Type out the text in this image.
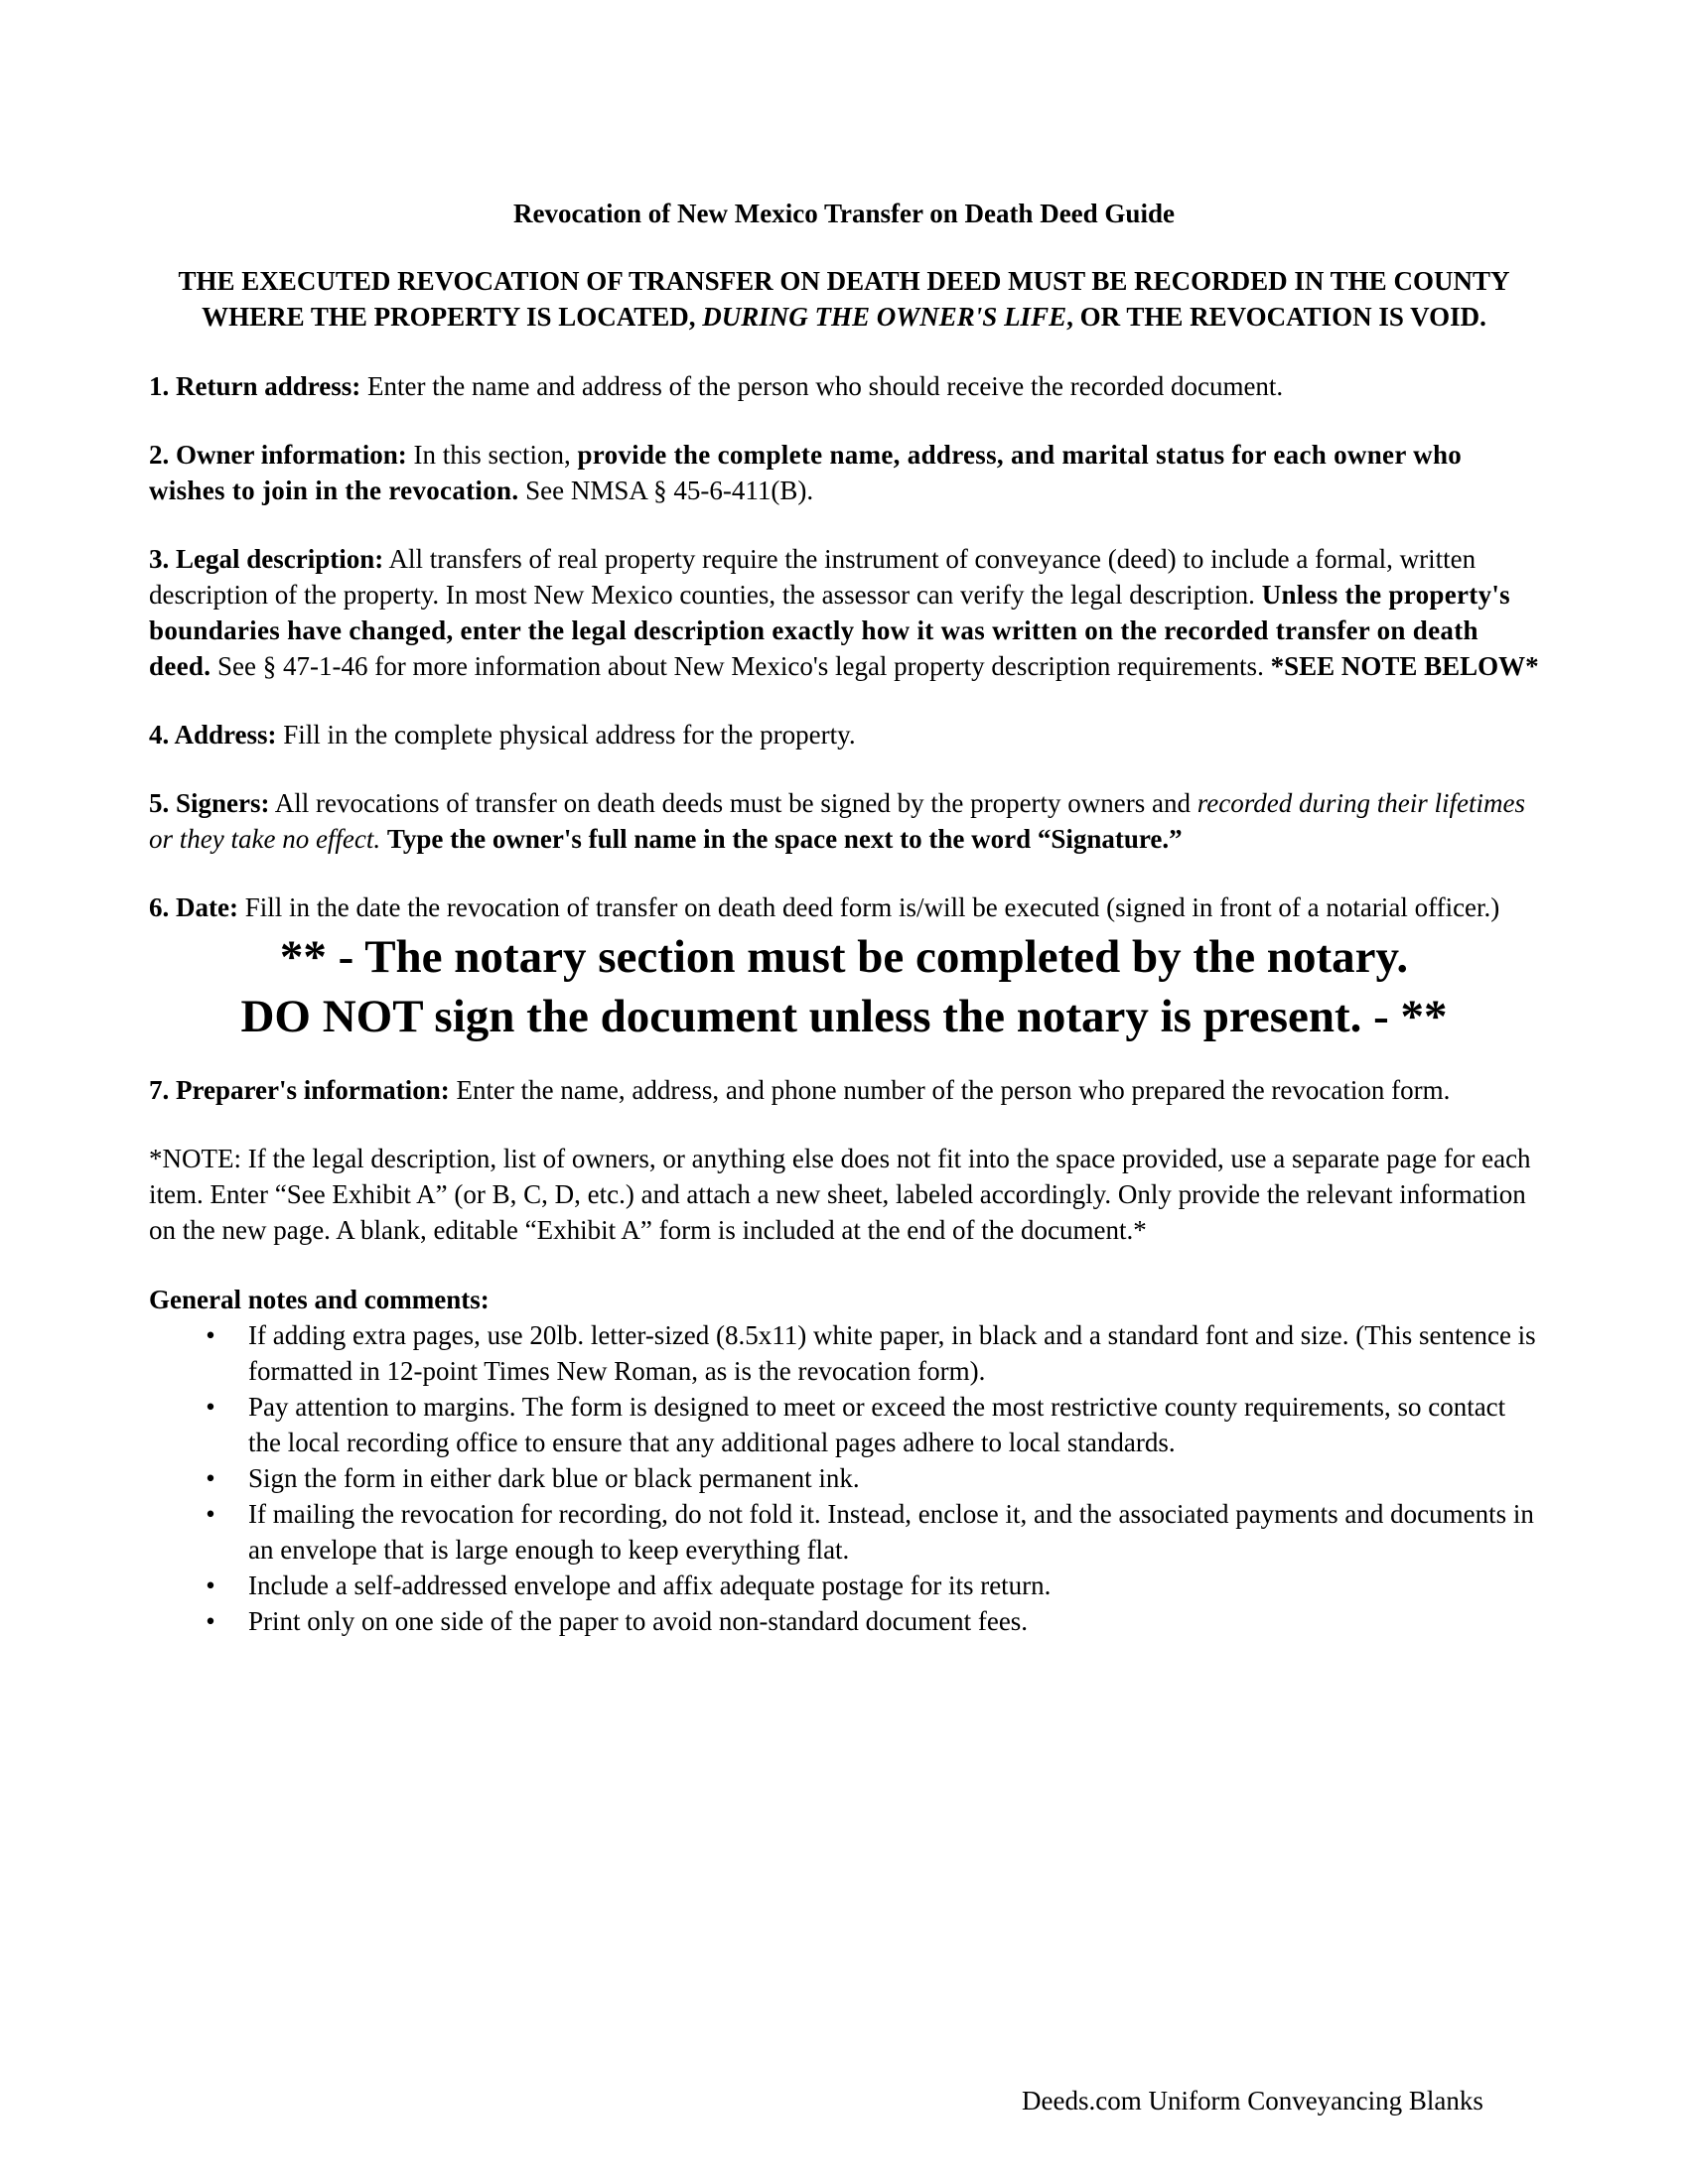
Revocation of New Mexico Transfer on Death Deed Guide

THE EXECUTED REVOCATION OF TRANSFER ON DEATH DEED MUST BE RECORDED IN THE COUNTY WHERE THE PROPERTY IS LOCATED, DURING THE OWNER'S LIFE, OR THE REVOCATION IS VOID.

1. Return address: Enter the name and address of the person who should receive the recorded document.

2. Owner information: In this section, provide the complete name, address, and marital status for each owner who wishes to join in the revocation. See NMSA § 45-6-411(B).

3. Legal description: All transfers of real property require the instrument of conveyance (deed) to include a formal, written description of the property. In most New Mexico counties, the assessor can verify the legal description. Unless the property's boundaries have changed, enter the legal description exactly how it was written on the recorded transfer on death deed. See § 47-1-46 for more information about New Mexico's legal property description requirements. *SEE NOTE BELOW*

4. Address: Fill in the complete physical address for the property.

5. Signers: All revocations of transfer on death deeds must be signed by the property owners and recorded during their lifetimes or they take no effect. Type the owner's full name in the space next to the word “Signature.”

6. Date: Fill in the date the revocation of transfer on death deed form is/will be executed (signed in front of a notarial officer.)

** - The notary section must be completed by the notary.
DO NOT sign the document unless the notary is present. - **

7. Preparer's information: Enter the name, address, and phone number of the person who prepared the revocation form.

*NOTE: If the legal description, list of owners, or anything else does not fit into the space provided, use a separate page for each item. Enter “See Exhibit A” (or B, C, D, etc.) and attach a new sheet, labeled accordingly. Only provide the relevant information on the new page. A blank, editable “Exhibit A” form is included at the end of the document.*

General notes and comments:

• If adding extra pages, use 20lb. letter-sized (8.5x11) white paper, in black and a standard font and size. (This sentence is formatted in 12-point Times New Roman, as is the revocation form).
• Pay attention to margins. The form is designed to meet or exceed the most restrictive county requirements, so contact the local recording office to ensure that any additional pages adhere to local standards.
• Sign the form in either dark blue or black permanent ink.
• If mailing the revocation for recording, do not fold it. Instead, enclose it, and the associated payments and documents in an envelope that is large enough to keep everything flat.
• Include a self-addressed envelope and affix adequate postage for its return.
• Print only on one side of the paper to avoid non-standard document fees.
Deeds.com Uniform Conveyancing Blanks
